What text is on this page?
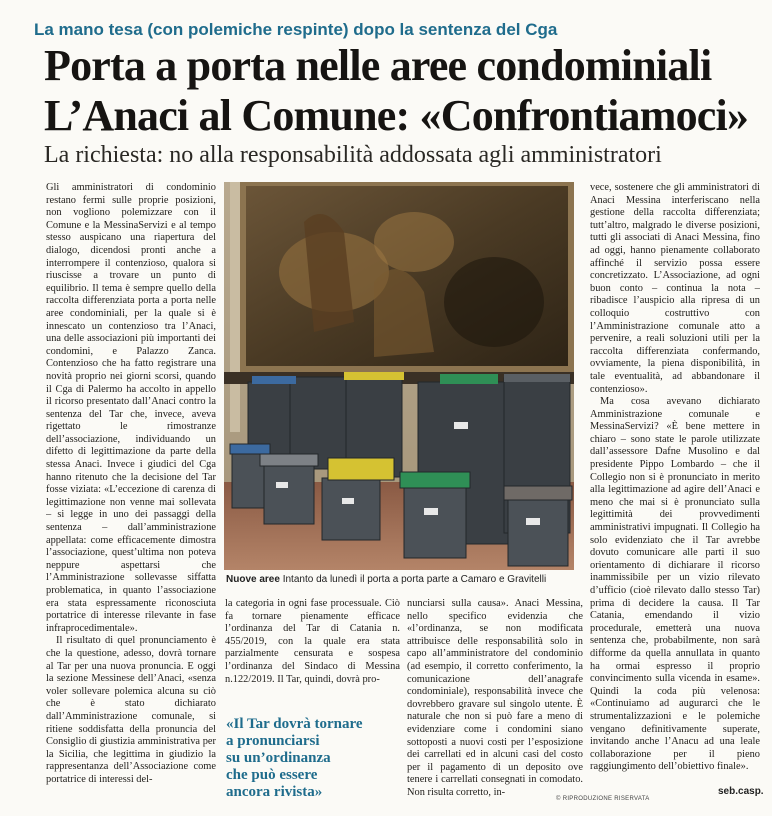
La mano tesa (con polemiche respinte) dopo la sentenza del Cga
Porta a porta nelle aree condominiali
L’Anaci al Comune: «Confrontiamoci»
La richiesta: no alla responsabilità addossata agli amministratori

Gli amministratori di condominio restano fermi sulle proprie posizioni, non vogliono polemizzare con il Comune e la MessinaServizi e al tempo stesso auspicano una riapertura del dialogo, dicendosi pronti anche a interrompere il contenzioso, qualora si riuscisse a trovare un punto di equilibrio. Il tema è sempre quello della raccolta differenziata porta a porta nelle aree condominiali, per la quale si è innescato un contenzioso tra l’Anaci, una delle associazioni più importanti dei condomini, e Palazzo Zanca. Contenzioso che ha fatto registrare una novità proprio nei giorni scorsi, quando il Cga di Palermo ha accolto in appello il ricorso presentato dall’Anaci contro la sentenza del Tar che, invece, aveva rigettato le rimostranze dell’associazione, individuando un difetto di legittimazione da parte della stessa Anaci. Invece i giudici del Cga hanno ritenuto che la decisione del Tar fosse viziata: «L’eccezione di carenza di legittimazione non venne mai sollevata – si legge in uno dei passaggi della sentenza – dall’amministrazione appellata: come efficacemente dimostra l’associazione, quest’ultima non poteva neppure aspettarsi che l’Amministrazione sollevasse siffatta problematica, in quanto l’associazione era stata espressamente riconosciuta portatrice di interesse rilevante in fase infraprocedimentale».

Il risultato di quel pronunciamento è che la questione, adesso, dovrà tornare al Tar per una nuova pronuncia. E oggi la sezione Messinese dell’Anaci, «senza voler sollevare polemica alcuna su ciò che è stato dichiarato dall’Amministrazione comunale, si ritiene soddisfatta della pronuncia del Consiglio di giustizia amministrativa per la Sicilia, che legittima in giudizio la rappresentanza dell’Associazione come portatrice di interessi del-

Nuove aree Intanto da lunedì il porta a porta parte a Camaro e Gravitelli

la categoria in ogni fase processuale. Ciò fa tornare pienamente efficace l’ordinanza del Tar di Catania n. 455/2019, con la quale era stata parzialmente censurata e sospesa l’ordinanza del Sindaco di Messina n.122/2019. Il Tar, quindi, dovrà pro-

«Il Tar dovrà tornare
a pronunciarsi
su un’ordinanza
che può essere
ancora rivista»

nunciarsi sulla causa». Anaci Messina, nello specifico evidenzia che «l’ordinanza, se non modificata attribuisce delle responsabilità solo in capo all’amministratore del condominio (ad esempio, il corretto conferimento, la comunicazione dell’anagrafe condominiale), responsabilità invece che dovrebbero gravare sul singolo utente. È naturale che non si può fare a meno di evidenziare come i condomini siano sottoposti a nuovi costi per l’esposizione dei carrellati ed in alcuni casi del costo per il pagamento di un deposito ove tenere i carrellati consegnati in comodato. Non risulta corretto, in-

vece, sostenere che gli amministratori di Anaci Messina interferiscano nella gestione della raccolta differenziata; tutt’altro, malgrado le diverse posizioni, tutti gli associati di Anaci Messina, fino ad oggi, hanno pienamente collaborato affinché il servizio possa essere concretizzato. L’Associazione, ad ogni buon conto – continua la nota – ribadisce l’auspicio alla ripresa di un colloquio costruttivo con l’Amministrazione comunale atto a pervenire, a reali soluzioni utili per la raccolta differenziata confermando, ovviamente, la piena disponibilità, in tale eventualità, ad abbandonare il contenzioso».

Ma cosa avevano dichiarato Amministrazione comunale e MessinaServizi? «È bene mettere in chiaro – sono state le parole utilizzate dall’assessore Dafne Musolino e dal presidente Pippo Lombardo – che il Collegio non si è pronunciato in merito alla legittimazione ad agire dell’Anaci e meno che mai si è pronunciato sulla legittimità dei provvedimenti amministrativi impugnati. Il Collegio ha solo evidenziato che il Tar avrebbe dovuto comunicare alle parti il suo orientamento di dichiarare il ricorso inammissibile per un vizio rilevato d’ufficio (cioè rilevato dallo stesso Tar) prima di decidere la causa. Il Tar Catania, emendando il vizio procedurale, emetterà una nuova sentenza che, probabilmente, non sarà difforme da quella annullata in quanto ha ormai espresso il proprio convincimento sulla vicenda in esame». Quindi la coda più velenosa: «Continuiamo ad augurarci che le strumentalizzazioni e le polemiche vengano definitivamente superate, invitando anche l’Anacu ad una leale collaborazione per il pieno raggiungimento dell’obiettivo finale».

© RIPRODUZIONE RISERVATA
seb.casp.
